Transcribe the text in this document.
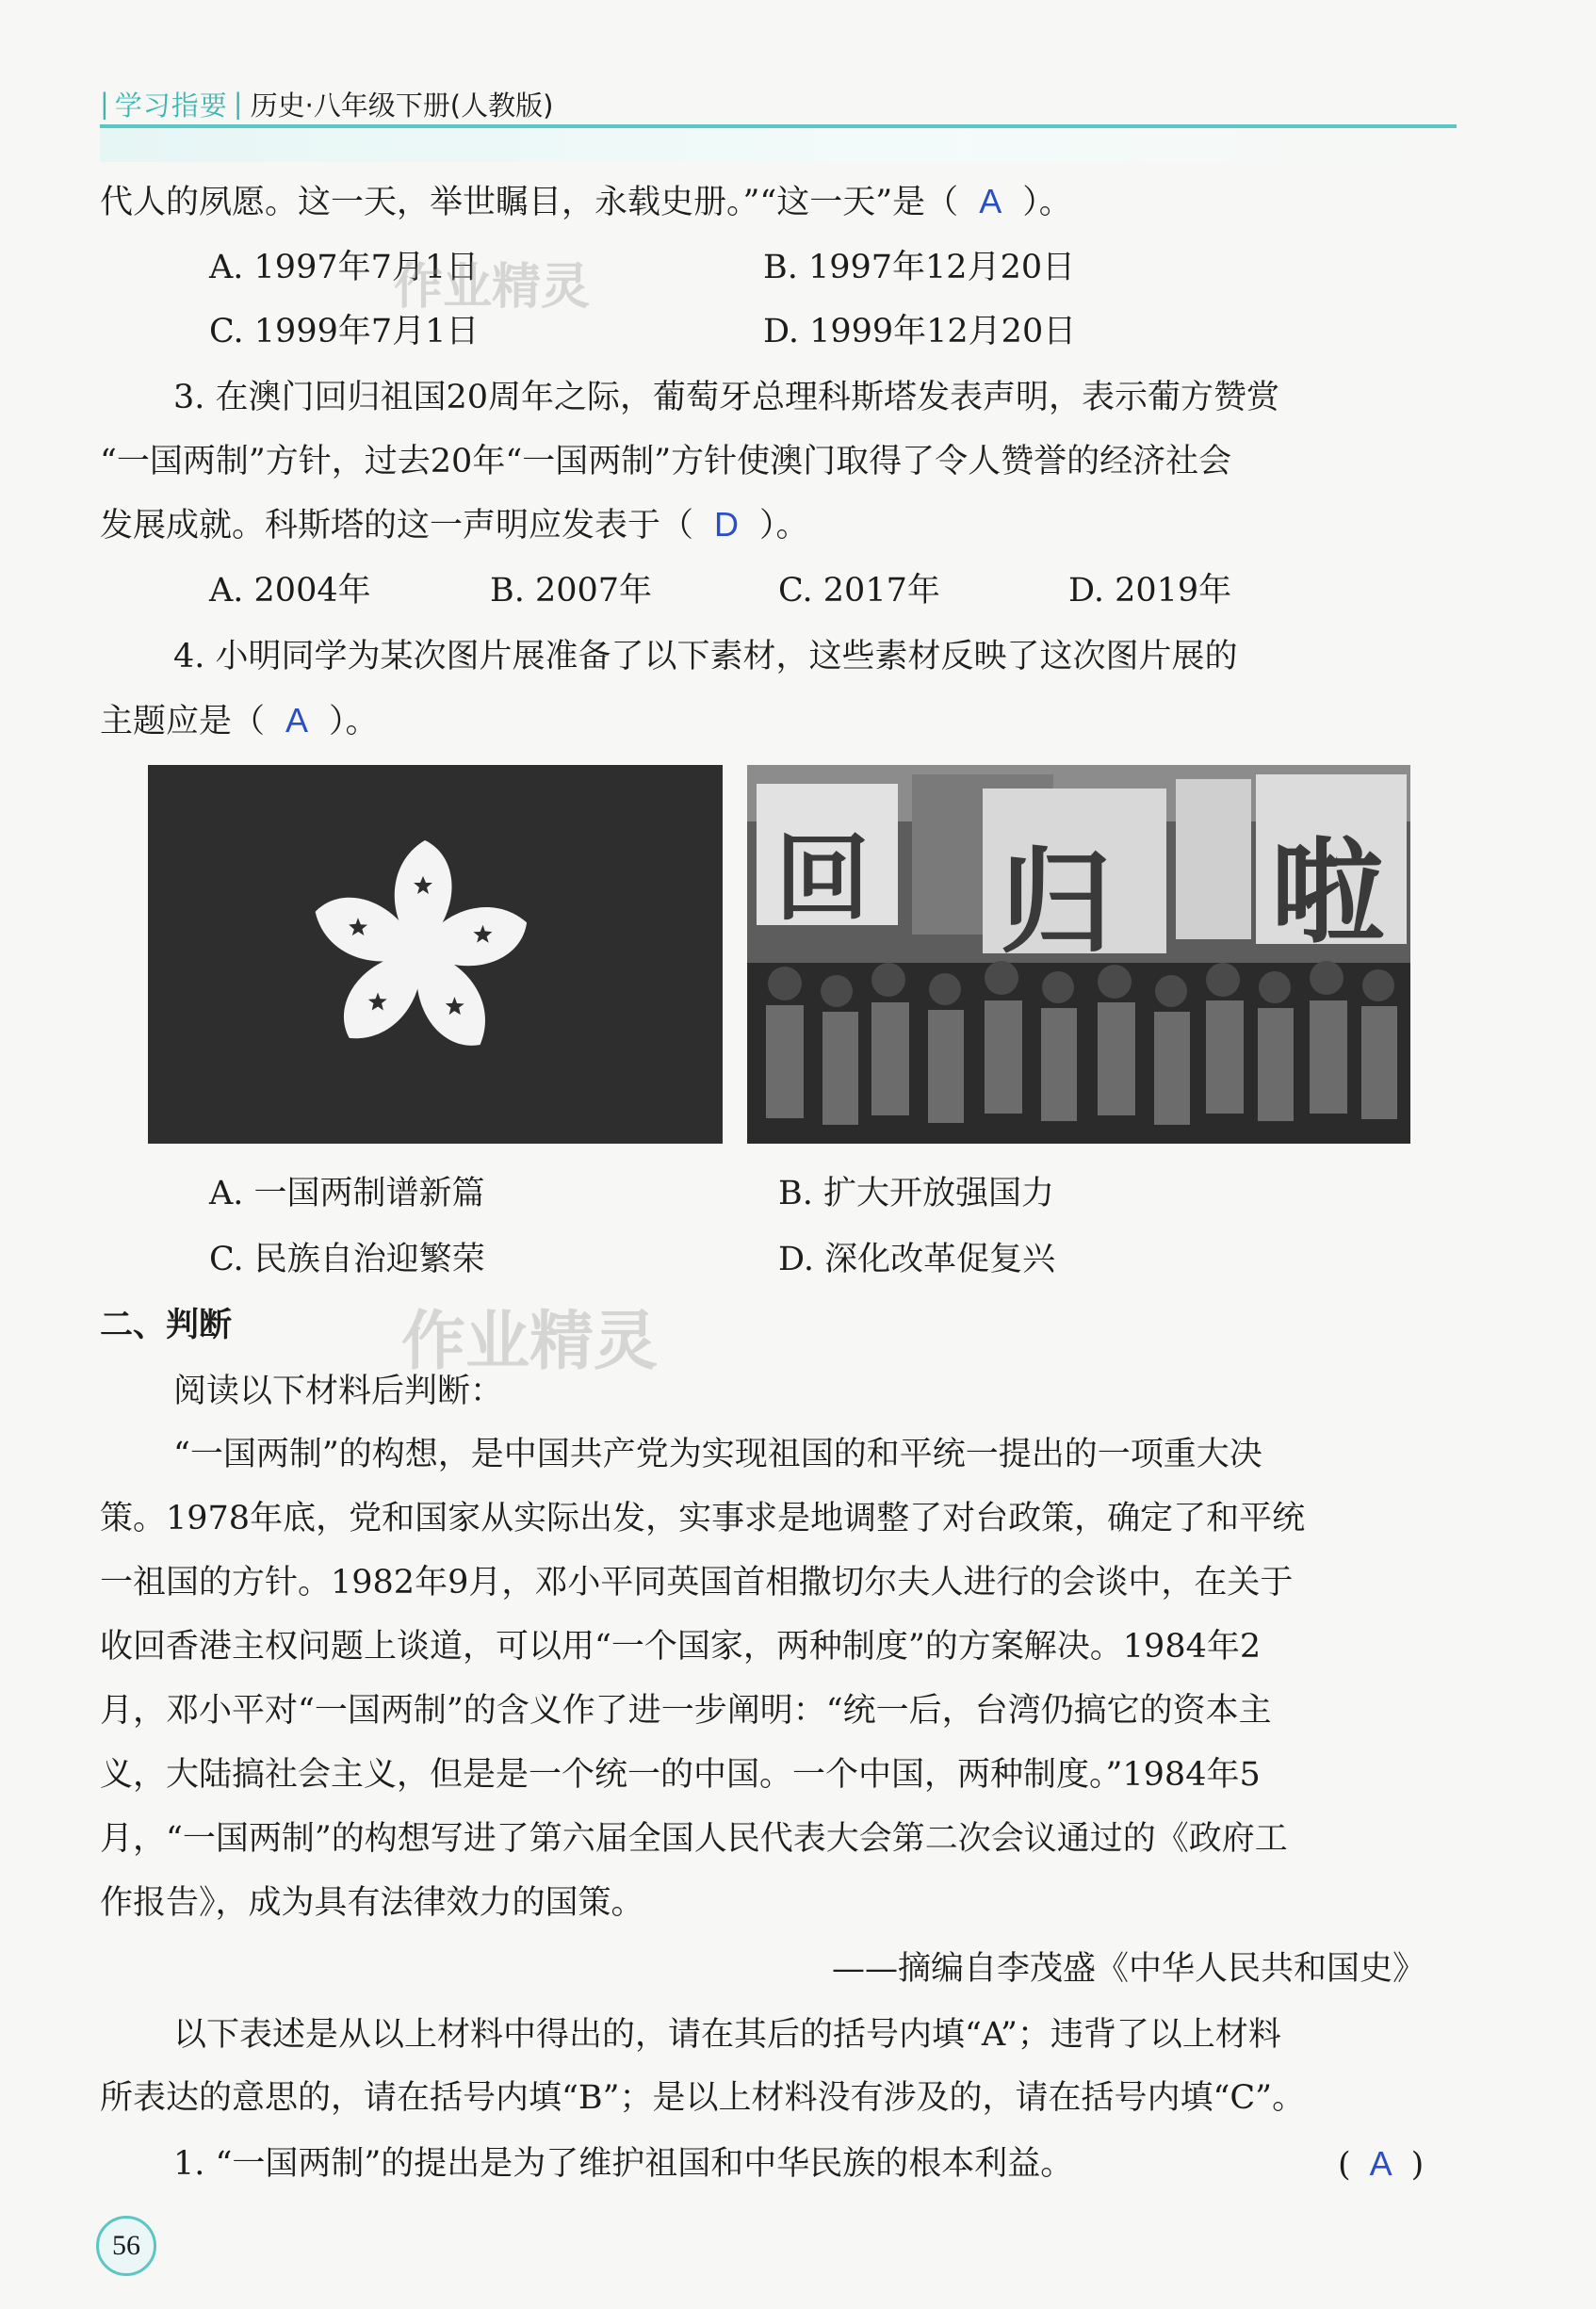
| 学习指要 | 历史·八年级下册(人教版)
代人的夙愿。这一天，举世瞩目，永载史册。”“这一天”是（ A ）。
A. 1997年7月1日	B. 1997年12月20日
C. 1999年7月1日	D. 1999年12月20日
3. 在澳门回归祖国20周年之际，葡萄牙总理科斯塔发表声明，表示葡方赞赏
“一国两制”方针，过去20年“一国两制”方针使澳门取得了令人赞誉的经济社会
发展成就。科斯塔的这一声明应发表于（ D ）。
A. 2004年	B. 2007年	C. 2017年	D. 2019年
4. 小明同学为某次图片展准备了以下素材，这些素材反映了这次图片展的
主题应是（ A ）。
回 归 啦
A. 一国两制谱新篇	B. 扩大开放强国力
C. 民族自治迎繁荣	D. 深化改革促复兴
二、判断
阅读以下材料后判断：
“一国两制”的构想，是中国共产党为实现祖国的和平统一提出的一项重大决
策。1978年底，党和国家从实际出发，实事求是地调整了对台政策，确定了和平统
一祖国的方针。1982年9月，邓小平同英国首相撒切尔夫人进行的会谈中，在关于
收回香港主权问题上谈道，可以用“一个国家，两种制度”的方案解决。1984年2
月，邓小平对“一国两制”的含义作了进一步阐明：“统一后，台湾仍搞它的资本主
义，大陆搞社会主义，但是是一个统一的中国。一个中国，两种制度。”1984年5
月，“一国两制”的构想写进了第六届全国人民代表大会第二次会议通过的《政府工
作报告》，成为具有法律效力的国策。
——摘编自李茂盛《中华人民共和国史》
以下表述是从以上材料中得出的，请在其后的括号内填“A”；违背了以上材料
所表达的意思的，请在括号内填“B”；是以上材料没有涉及的，请在括号内填“C”。
1. “一国两制”的提出是为了维护祖国和中华民族的根本利益。	( A )
作业精灵
作业精灵
56
